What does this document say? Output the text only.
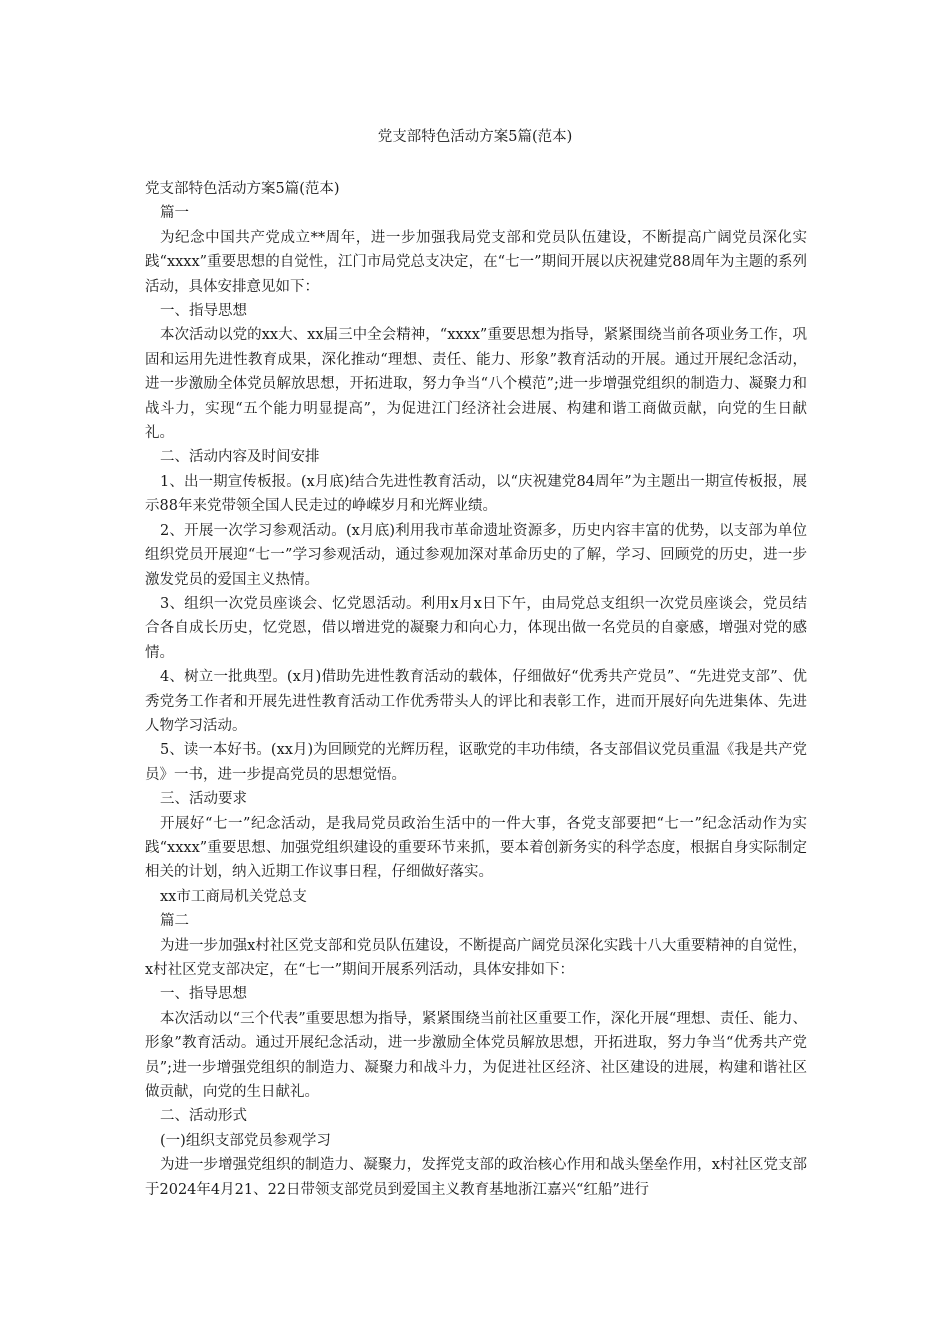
党支部特色活动方案5篇(范本)

党支部特色活动方案5篇(范本)

篇一

为纪念中国共产党成立**周年，进一步加强我局党支部和党员队伍建设，不断提高广阔党员深化实践“xxxx”重要思想的自觉性，江门市局党总支决定，在“七一”期间开展以庆祝建党88周年为主题的系列活动，具体安排意见如下：

一、指导思想

本次活动以党的xx大、xx届三中全会精神，“xxxx”重要思想为指导，紧紧围绕当前各项业务工作，巩固和运用先进性教育成果，深化推动“理想、责任、能力、形象”教育活动的开展。通过开展纪念活动，进一步激励全体党员解放思想，开拓进取，努力争当“八个模范”;进一步增强党组织的制造力、凝聚力和战斗力，实现“五个能力明显提高”，为促进江门经济社会进展、构建和谐工商做贡献，向党的生日献礼。

二、活动内容及时间安排

1、出一期宣传板报。(x月底)结合先进性教育活动，以“庆祝建党84周年”为主题出一期宣传板报，展示88年来党带领全国人民走过的峥嵘岁月和光辉业绩。

2、开展一次学习参观活动。(x月底)利用我市革命遗址资源多，历史内容丰富的优势，以支部为单位组织党员开展迎“七一”学习参观活动，通过参观加深对革命历史的了解，学习、回顾党的历史，进一步激发党员的爱国主义热情。

3、组织一次党员座谈会、忆党恩活动。利用x月x日下午，由局党总支组织一次党员座谈会，党员结合各自成长历史，忆党恩，借以增进党的凝聚力和向心力，体现出做一名党员的自豪感，增强对党的感情。

4、树立一批典型。(x月)借助先进性教育活动的载体，仔细做好“优秀共产党员”、“先进党支部”、优秀党务工作者和开展先进性教育活动工作优秀带头人的评比和表彰工作，进而开展好向先进集体、先进人物学习活动。

5、读一本好书。(xx月)为回顾党的光辉历程，讴歌党的丰功伟绩，各支部倡议党员重温《我是共产党员》一书，进一步提高党员的思想觉悟。

三、活动要求

开展好“七一”纪念活动，是我局党员政治生活中的一件大事，各党支部要把“七一”纪念活动作为实践“xxxx”重要思想、加强党组织建设的重要环节来抓，要本着创新务实的科学态度，根据自身实际制定相关的计划，纳入近期工作议事日程，仔细做好落实。

xx市工商局机关党总支

篇二

为进一步加强x村社区党支部和党员队伍建设，不断提高广阔党员深化实践十八大重要精神的自觉性，x村社区党支部决定，在“七一”期间开展系列活动，具体安排如下：

一、指导思想

本次活动以“三个代表”重要思想为指导，紧紧围绕当前社区重要工作，深化开展“理想、责任、能力、形象”教育活动。通过开展纪念活动，进一步激励全体党员解放思想，开拓进取，努力争当“优秀共产党员”;进一步增强党组织的制造力、凝聚力和战斗力，为促进社区经济、社区建设的进展，构建和谐社区做贡献，向党的生日献礼。

二、活动形式

(一)组织支部党员参观学习

为进一步增强党组织的制造力、凝聚力，发挥党支部的政治核心作用和战头堡垒作用，x村社区党支部于2024年4月21、22日带领支部党员到爱国主义教育基地浙江嘉兴“红船”进行
